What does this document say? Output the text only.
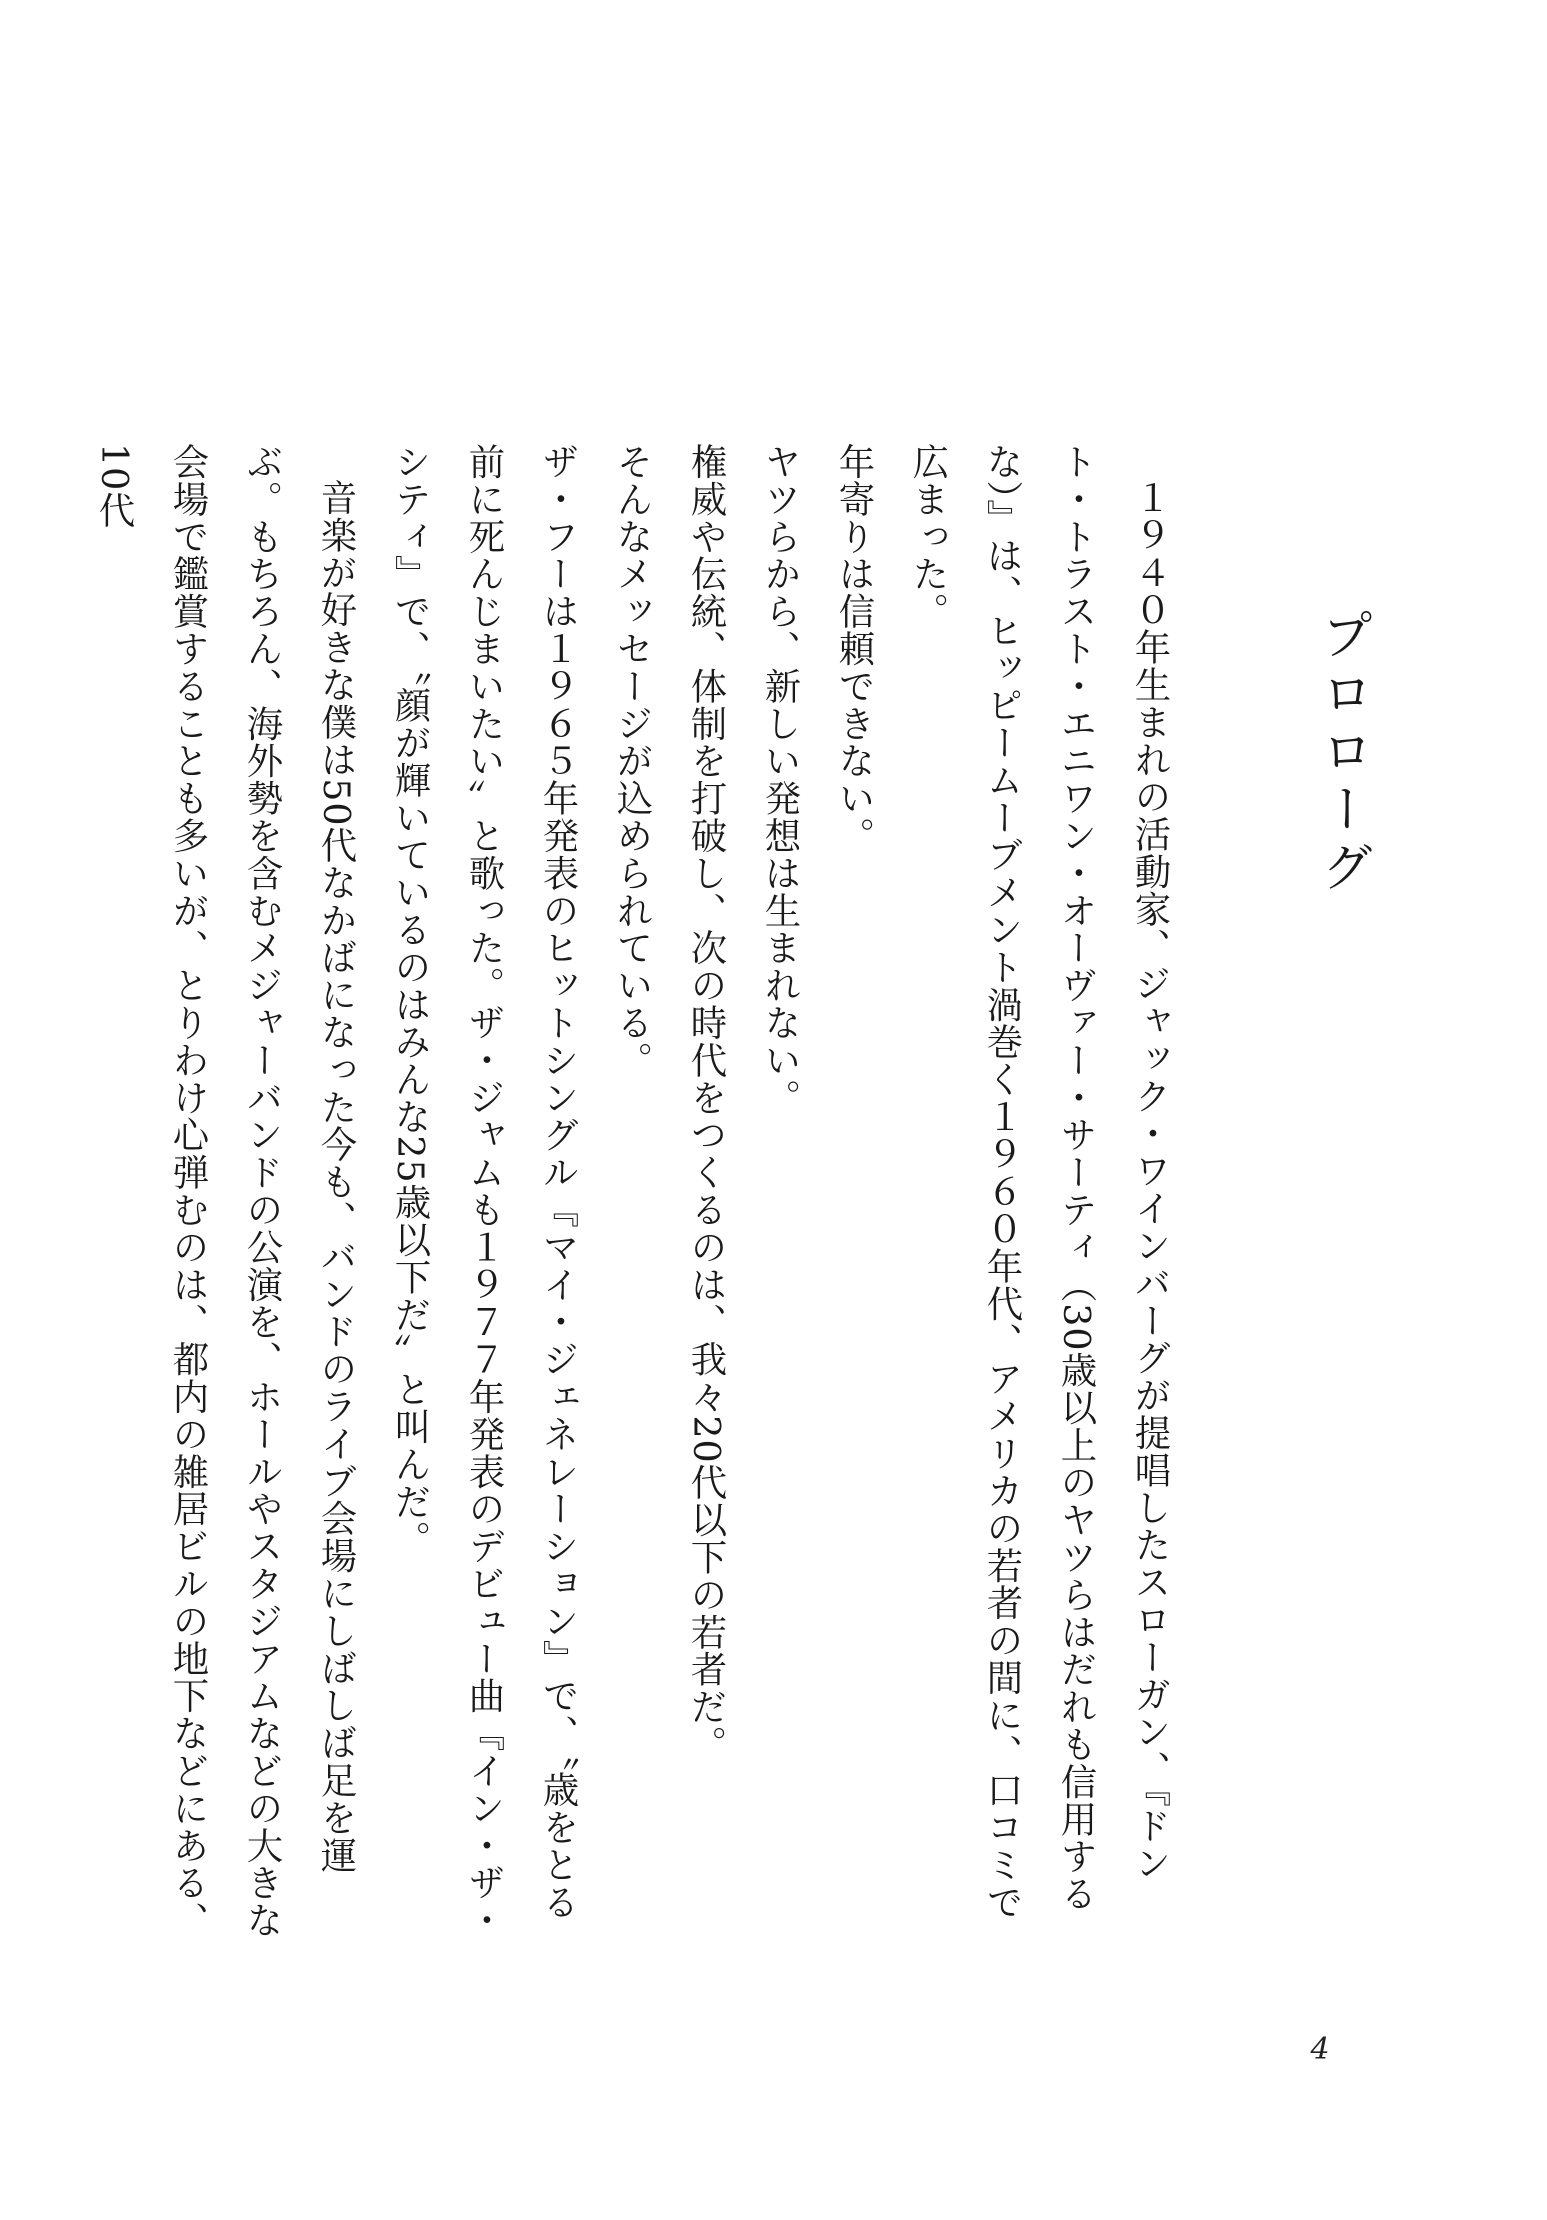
プロローグ

１９４０年生まれの活動家、ジャック・ワインバーグが提唱したスローガン、『ドント・トラスト・エニワン・オーヴァー・サーティ（30歳以上のヤツらはだれも信用するな）』は、ヒッピームーブメント渦巻く１９６０年代、アメリカの若者の間に、口コミで広まった。

年寄りは信頼できない。

ヤツらから、新しい発想は生まれない。

権威や伝統、体制を打破し、次の時代をつくるのは、我々20代以下の若者だ。

そんなメッセージが込められている。

ザ・フーは１９６５年発表のヒットシングル『マイ・ジェネレーション』で、〝歳をとる前に死んじまいたい〟と歌った。ザ・ジャムも１９７７年発表のデビュー曲『イン・ザ・シティ』で、〝顔が輝いているのはみんな25歳以下だ〟と叫んだ。

音楽が好きな僕は50代なかばになった今も、バンドのライブ会場にしばしば足を運ぶ。もちろん、海外勢を含むメジャーバンドの公演を、ホールやスタジアムなどの大きな会場で鑑賞することも多いが、とりわけ心弾むのは、都内の雑居ビルの地下などにある、10代

4
